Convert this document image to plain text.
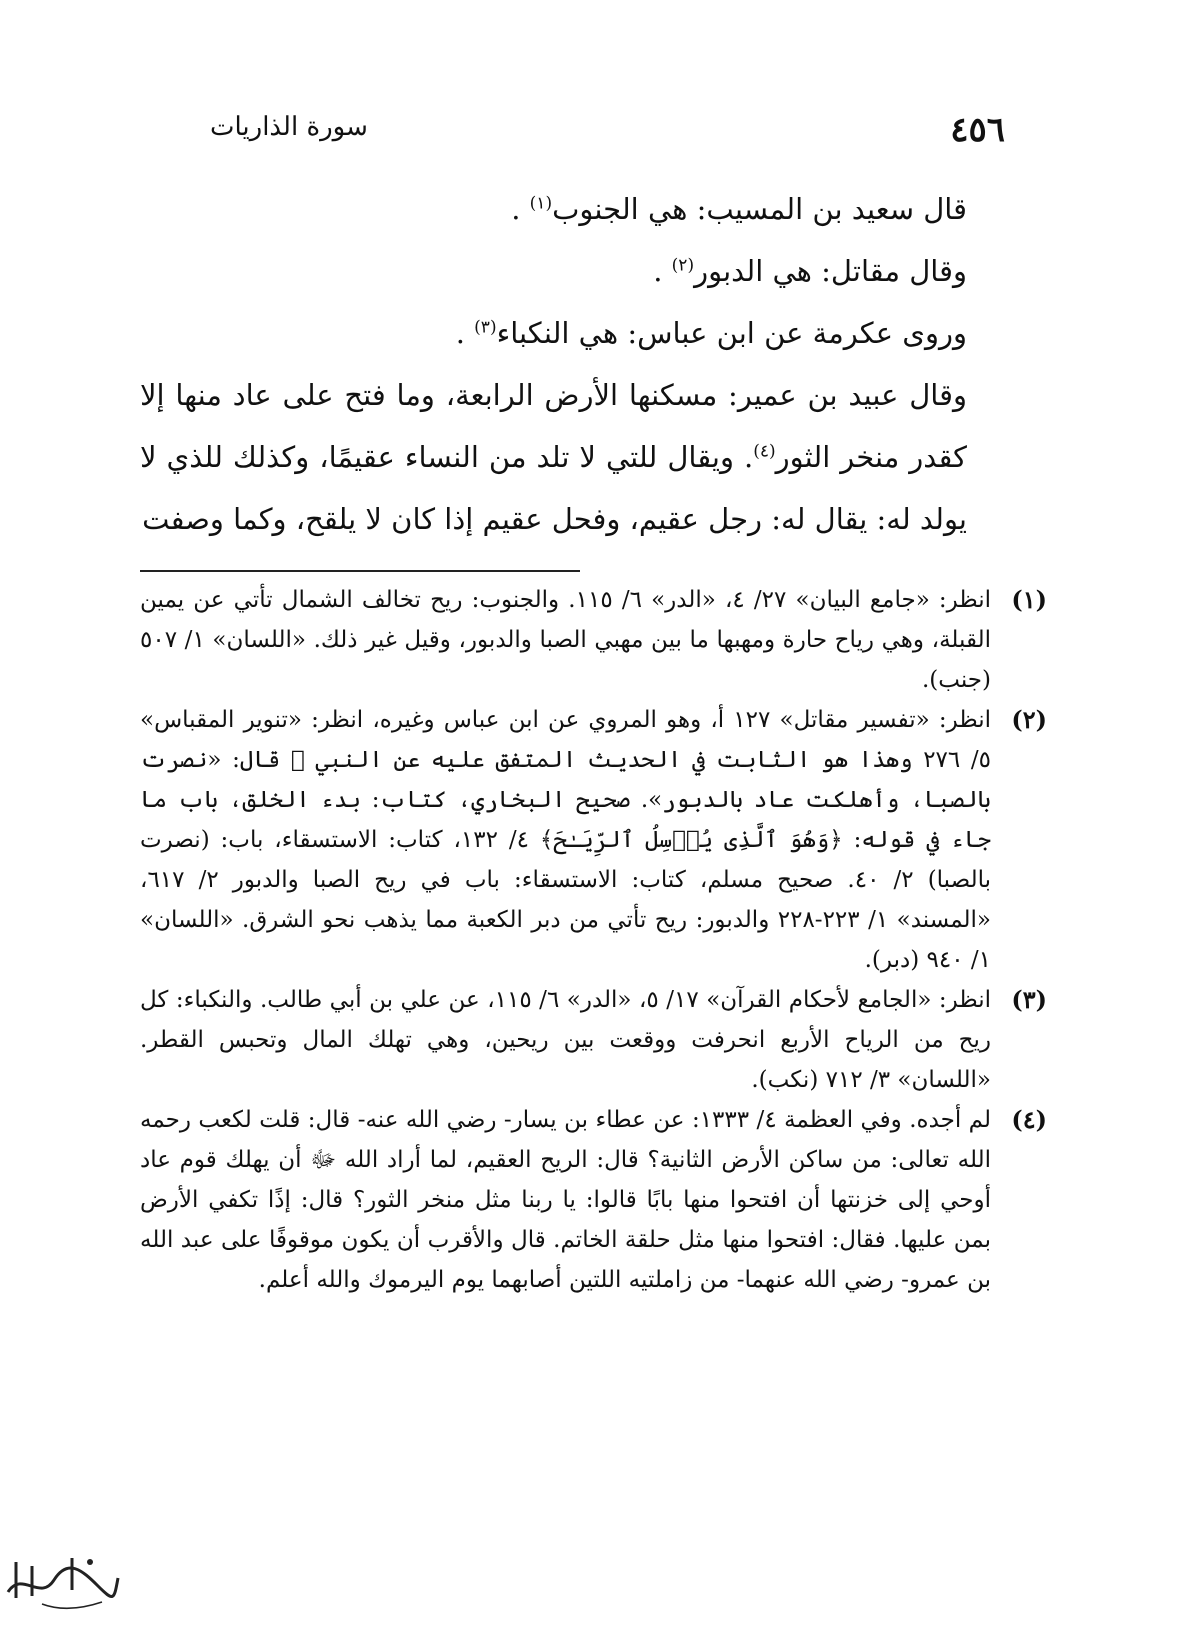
٤٥٦
سورة الذاريات

قال سعيد بن المسيب: هي الجنوب$^{(١)}$ .

وقال مقاتل: هي الدبور$^{(٢)}$ .

وروى عكرمة عن ابن عباس: هي النكباء$^{(٣)}$ .

وقال عبيد بن عمير: مسكنها الأرض الرابعة، وما فتح على عاد منها إلا كقدر منخر الثور$^{(٤)}$. ويقال للتي لا تلد من النساء عقيمًا، وكذلك للذي لا يولد له: يقال له: رجل عقيم، وفحل عقيم إذا كان لا يلقح، وكما وصفت

(١)
انظر: «جامع البيان» ٢٧/ ٤، «الدر» ٦/ ١١٥. والجنوب: ريح تخالف الشمال تأتي عن يمين القبلة، وهي رياح حارة ومهبها ما بين مهبي الصبا والدبور، وقيل غير ذلك. «اللسان» ١/ ٥٠٧ (جنب).
(٢)
انظر: «تفسير مقاتل» ١٢٧ أ، وهو المروي عن ابن عباس وغيره، انظر: «تنوير المقباس» ٥/ ٢٧٦ وهذا هو الثابت في الحديث المتفق عليه عن النبي ﷺ قال: «نصرت بالصبا، وأهلكت عاد بالدبور». صحيح البخاري، كتاب: بدء الخلق، باب ما جاء في قوله: ﴿وَهُوَ ٱلَّذِى يُرۡسِلُ ٱلرِّيَـٰحَ﴾ ٤/ ١٣٢، كتاب: الاستسقاء، باب: (نصرت بالصبا) ٢/ ٤٠. صحيح مسلم، كتاب: الاستسقاء: باب في ريح الصبا والدبور ٢/ ٦١٧، «المسند» ١/ ٢٢٣-٢٢٨ والدبور: ريح تأتي من دبر الكعبة مما يذهب نحو الشرق. «اللسان» ١/ ٩٤٠ (دبر).
(٣)
انظر: «الجامع لأحكام القرآن» ١٧/ ٥، «الدر» ٦/ ١١٥، عن علي بن أبي طالب. والنكباء: كل ريح من الرياح الأربع انحرفت ووقعت بين ريحين، وهي تهلك المال وتحبس القطر. «اللسان» ٣/ ٧١٢ (نكب).
(٤)
لم أجده. وفي العظمة ٤/ ١٣٣٣: عن عطاء بن يسار- رضي الله عنه- قال: قلت لكعب رحمه الله تعالى: من ساكن الأرض الثانية؟ قال: الريح العقيم، لما أراد الله ﷻ أن يهلك قوم عاد أوحي إلى خزنتها أن افتحوا منها بابًا قالوا: يا ربنا مثل منخر الثور؟ قال: إذًا تكفي الأرض بمن عليها. فقال: افتحوا منها مثل حلقة الخاتم. قال والأقرب أن يكون موقوفًا على عبد الله بن عمرو- رضي الله عنهما- من زاملتيه اللتين أصابهما يوم اليرموك والله أعلم.
